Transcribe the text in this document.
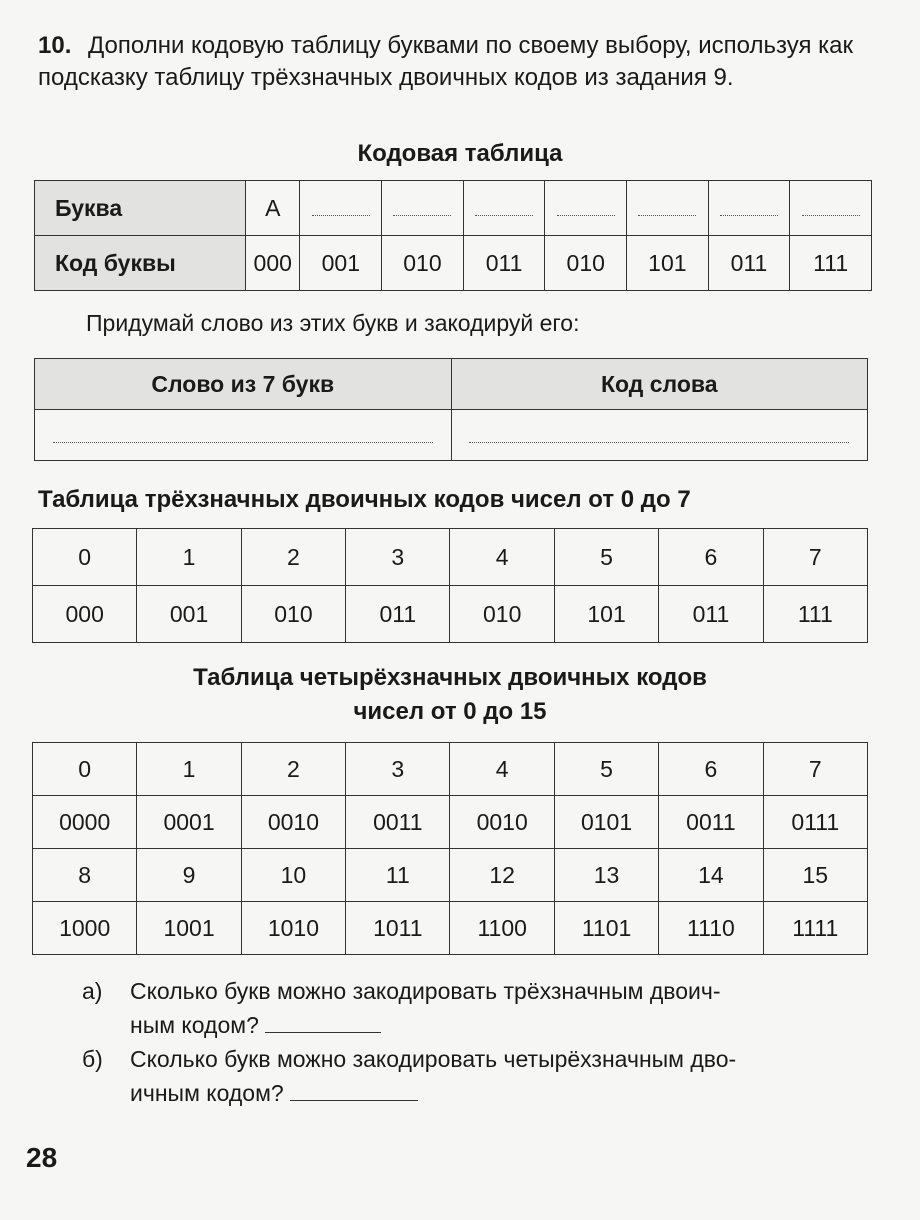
10. Дополни кодовую таблицу буквами по своему выбору, используя как подсказку таблицу трёхзначных двоичных кодов из задания 9.
Кодовая таблица
Буква	А							
Код буквы	000	001	010	011	010	101	011	111
Придумай слово из этих букв и закодируй его:
Слово из 7 букв	Код слова

Таблица трёхзначных двоичных кодов чисел от 0 до 7
0	1	2	3	4	5	6	7
000	001	010	011	010	101	011	111
Таблица четырёхзначных двоичных кодов
чисел от 0 до 15
0	1	2	3	4	5	6	7
0000	0001	0010	0011	0010	0101	0011	0111
8	9	10	11	12	13	14	15
1000	1001	1010	1011	1100	1101	1110	1111
а) Сколько букв можно закодировать трёхзначным двоич-
ным кодом?
б) Сколько букв можно закодировать четырёхзначным дво-
ичным кодом?
28
